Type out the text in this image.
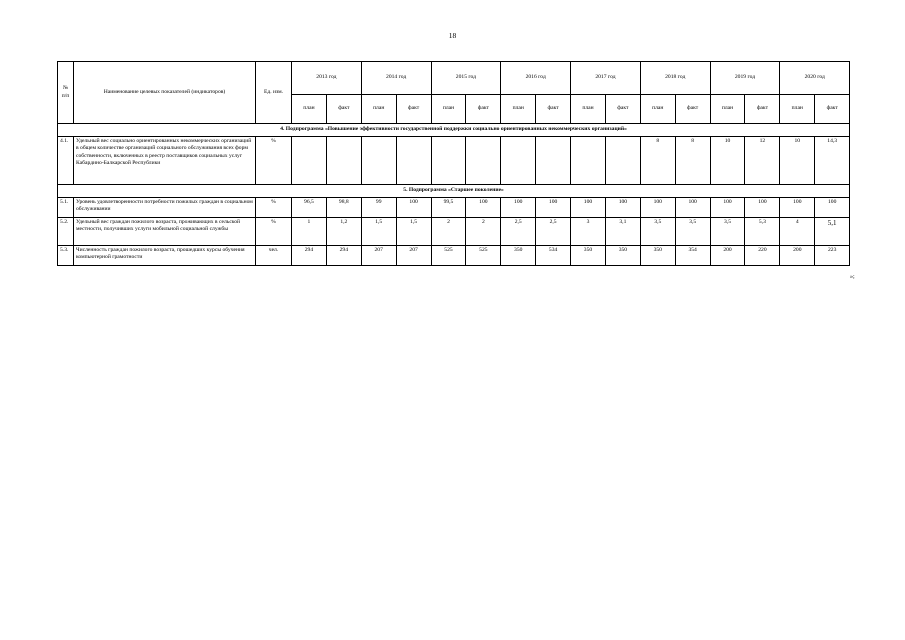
18
№ п/п	Наименование целевых показателей (индикаторов)	Ед. изм.	2013 год		2014 год		2015 год		2016 год		2017 год		2018 год		2019 год		2020 год	
			план	факт	план	факт	план	факт	план	факт	план	факт	план	факт	план	факт	план	факт
4. Подпрограмма «Повышение эффективности государственной поддержки социально ориентированных некоммерческих организаций»																		
4.1.	Удельный вес социально ориентированных некоммерческих организаций в общем количестве организаций социального обслуживания всех форм собственности, включенных в реестр поставщиков социальных услуг Кабардино-Балкарской Республики	%											8	8	10	12	10	14,3
5. Подпрограмма «Старшее поколение»																		
5.1.	Уровень удовлетворенности потребности пожилых граждан в социальном обслуживании	%	96,5	98,8	99	100	99,5	100	100	100	100	100	100	100	100	100	100	100
5.2.	Удельный вес граждан пожилого возраста, проживающих в сельской местности, получивших услуги мобильной социальной службы	%	1	1,2	1,5	1,5	2	2	2,5	2,5	3	3,1	3,5	3,5	3,5	5,3	4	5,1
5.3.	Численность граждан пожилого возраста, прошедших курсы обучения компьютерной грамотности	чел.	294	294	207	207	525	525	350	534	350	350	350	354	200	220	200	223
»;
